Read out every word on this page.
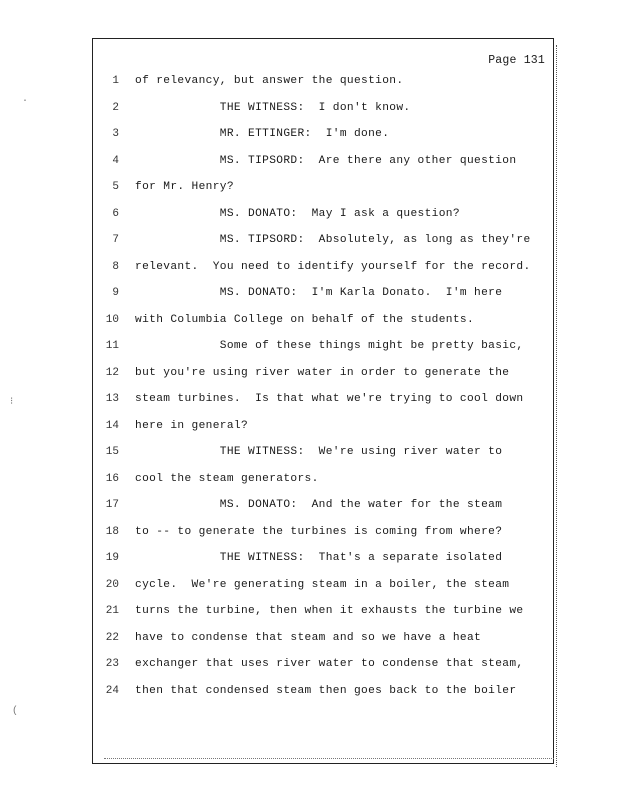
·
⁝
(
Page 131
1 of relevancy, but answer the question.
2 THE WITNESS:  I don't know.
3 MR. ETTINGER:  I'm done.
4 MS. TIPSORD:  Are there any other question
5 for Mr. Henry?
6 MS. DONATO:  May I ask a question?
7 MS. TIPSORD:  Absolutely, as long as they're
8 relevant.  You need to identify yourself for the record.
9 MS. DONATO:  I'm Karla Donato.  I'm here
10 with Columbia College on behalf of the students.
11 Some of these things might be pretty basic,
12 but you're using river water in order to generate the
13 steam turbines.  Is that what we're trying to cool down
14 here in general?
15 THE WITNESS:  We're using river water to
16 cool the steam generators.
17 MS. DONATO:  And the water for the steam
18 to -- to generate the turbines is coming from where?
19 THE WITNESS:  That's a separate isolated
20 cycle.  We're generating steam in a boiler, the steam
21 turns the turbine, then when it exhausts the turbine we
22 have to condense that steam and so we have a heat
23 exchanger that uses river water to condense that steam,
24 then that condensed steam then goes back to the boiler
